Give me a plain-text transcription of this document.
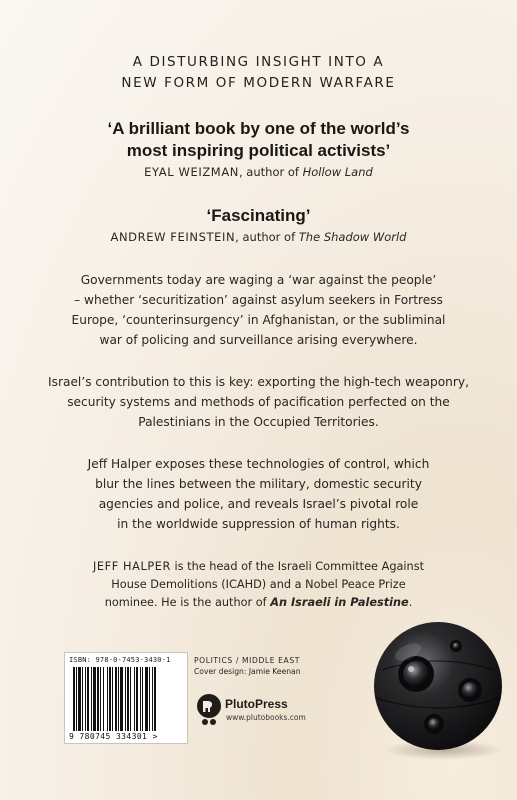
A DISTURBING INSIGHT INTO A
NEW FORM OF MODERN WARFARE
‘A brilliant book by one of the world’s
most inspiring political activists’
EYAL WEIZMAN, author of Hollow Land
‘Fascinating’
ANDREW FEINSTEIN, author of The Shadow World
Governments today are waging a ‘war against the people’
– whether ‘securitization’ against asylum seekers in Fortress
Europe, ‘counterinsurgency’ in Afghanistan, or the subliminal
war of policing and surveillance arising everywhere.
Israel’s contribution to this is key: exporting the high-tech weaponry,
security systems and methods of pacification perfected on the
Palestinians in the Occupied Territories.
Jeff Halper exposes these technologies of control, which
blur the lines between the military, domestic security
agencies and police, and reveals Israel’s pivotal role
in the worldwide suppression of human rights.
JEFF HALPER is the head of the Israeli Committee Against
House Demolitions (ICAHD) and a Nobel Peace Prize
nominee. He is the author of An Israeli in Palestine.
ISBN: 978-0-7453-3430-1
9 780745 334301 >
POLITICS / MIDDLE EAST
Cover design: Jamie Keenan
PlutoPress
www.plutobooks.com
